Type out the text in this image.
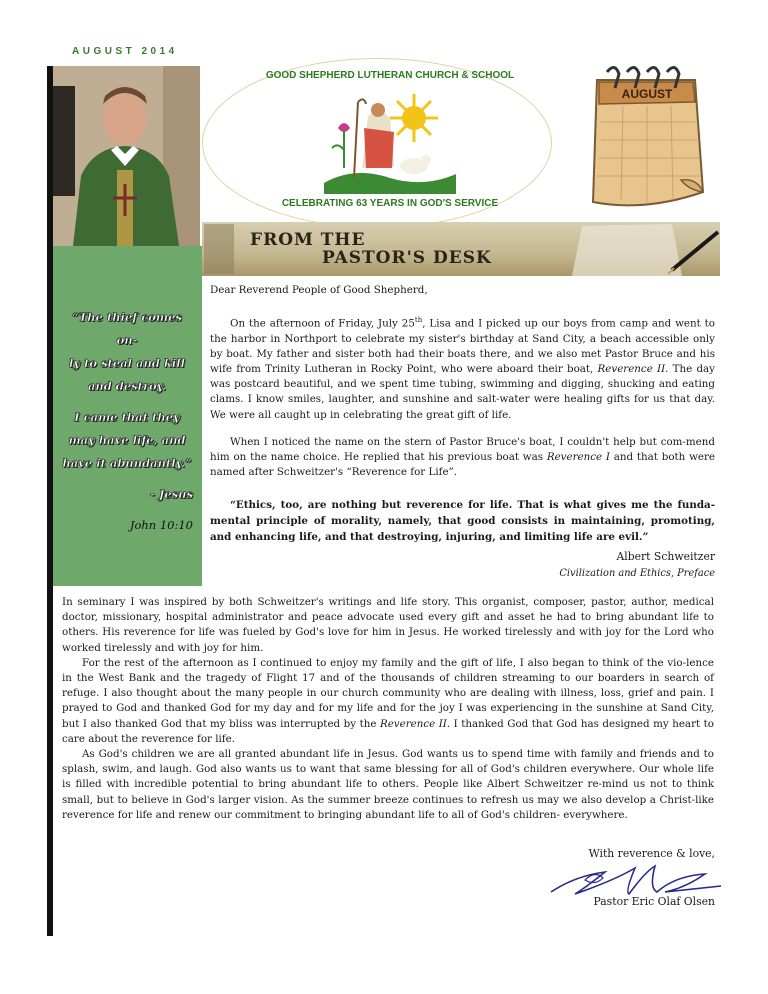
AUGUST 2014
GOOD SHEPHERD LUTHERAN CHURCH & SCHOOL
CELEBRATING 63 YEARS IN GOD'S SERVICE
AUGUST
FROM THE
PASTOR'S DESK
“The thief comes on-
ly to steal and kill
and destroy.
I came that they
may have life, and
have it abundantly.”
- Jesus
John 10:10
Dear Reverend People of Good Shepherd,
On the afternoon of Friday, July 25th, Lisa and I picked up our boys from camp and went to the harbor in Northport to celebrate my sister's birthday at Sand City, a beach accessible only by boat. My father and sister both had their boats there, and we also met Pastor Bruce and his wife from Trinity Lutheran in Rocky Point, who were aboard their boat, Reverence II. The day was postcard beautiful, and we spent time tubing, swimming and digging, shucking and eating clams. I know smiles, laughter, and sunshine and salt-water were healing gifts for us that day. We were all caught up in celebrating the great gift of life.
When I noticed the name on the stern of Pastor Bruce's boat, I couldn't help but com-mend him on the name choice. He replied that his previous boat was Reverence I and that both were named after Schweitzer's “Reverence for Life”.
“Ethics, too, are nothing but reverence for life. That is what gives me the funda-mental principle of morality, namely, that good consists in maintaining, promoting, and enhancing life, and that destroying, injuring, and limiting life are evil.”
Albert Schweitzer
Civilization and Ethics, Preface

In seminary I was inspired by both Schweitzer's writings and life story. This organist, composer, pastor, author, medical doctor, missionary, hospital administrator and peace advocate used every gift and asset he had to bring abundant life to others. His reverence for life was fueled by God's love for him in Jesus. He worked tirelessly and with joy for the Lord who worked tirelessly and with joy for him.

For the rest of the afternoon as I continued to enjoy my family and the gift of life, I also began to think of the vio-lence in the West Bank and the tragedy of Flight 17 and of the thousands of children streaming to our boarders in search of refuge. I also thought about the many people in our church community who are dealing with illness, loss, grief and pain. I prayed to God and thanked God for my day and for my life and for the joy I was experiencing in the sunshine at Sand City, but I also thanked God that my bliss was interrupted by the Reverence II. I thanked God that God has designed my heart to care about the reverence for life.

As God's children we are all granted abundant life in Jesus. God wants us to spend time with family and friends and to splash, swim, and laugh. God also wants us to want that same blessing for all of God's children everywhere. Our whole life is filled with incredible potential to bring abundant life to others. People like Albert Schweitzer re-mind us not to think small, but to believe in God's larger vision. As the summer breeze continues to refresh us may we also develop a Christ-like reverence for life and renew our commitment to bringing abundant life to all of God's children- everywhere.

With reverence & love,
Pastor Eric Olaf Olsen
